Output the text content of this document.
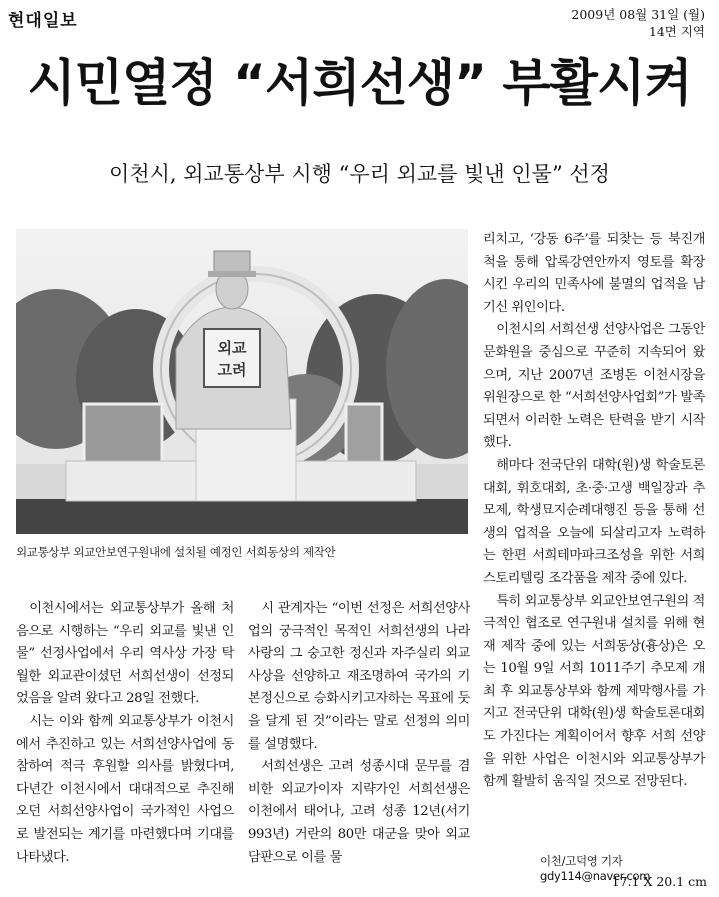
현대일보	2009년 08월 31일 (월)
14면 지역
시민열정 “서희선생” 부활시켜
이천시, 외교통상부 시행 “우리 외교를 빛낸 인물” 선정
외교
고려
외교통상부 외교안보연구원내에 설치될 예정인 서희동상의 제작안

이천시에서는 외교통상부가 올해 처음으로 시행하는 “우리 외교를 빛낸 인물” 선정사업에서 우리 역사상 가장 탁월한 외교관이셨던 서희선생이 선정되었음을 알려 왔다고 28일 전했다.

시는 이와 함께 외교통상부가 이천시에서 추진하고 있는 서희선양사업에 동참하여 적극 후원할 의사를 밝혔다며, 다년간 이천시에서 대대적으로 추진해오던 서희선양사업이 국가적인 사업으로 발전되는 계기를 마련했다며 기대를 나타냈다.

시 관계자는 “이번 선정은 서희선양사업의 궁극적인 목적인 서희선생의 나라사랑의 그 숭고한 정신과 자주실리 외교사상을 선양하고 재조명하여 국가의 기본정신으로 승화시키고자하는 목표에 둣을 달게 된 것”이라는 말로 선정의 의미를 설명했다.

서희선생은 고려 성종시대 문무를 겸비한 외교가이자 지략가인 서희선생은 이천에서 태어나, 고려 성종 12년(서기 993년) 거란의 80만 대군을 맞아 외교담판으로 이를 물

리치고, ‘강동 6주’를 되찾는 등 북진개척을 통해 압록강연안까지 영토를 확장시킨 우리의 민족사에 불멸의 업적을 남기신 위인이다.

이천시의 서희선생 선양사업은 그동안 문화원을 중심으로 꾸준히 지속되어 왔으며, 지난 2007년 조병돈 이천시장을 위원장으로 한 “서희선양사업회”가 발족되면서 이러한 노력은 탄력을 받기 시작했다.

해마다 전국단위 대학(원)생 학술토론대회, 휘호대회, 초·중·고생 백일장과 추모제, 학생묘지순례대행진 등을 통해 선생의 업적을 오늘에 되살리고자 노력하는 한편 서희테마파크조성을 위한 서희스토리텔링 조각품을 제작 중에 있다.

특히 외교통상부 외교안보연구원의 적극적인 협조로 연구원내 설치를 위해 현재 제작 중에 있는 서희동상(흉상)은 오는 10월 9일 서희 1011주기 추모제 개최 후 외교통상부와 함께 제막행사를 가지고 전국단위 대학(원)생 학술토론대회도 가진다는 계획이어서 향후 서희 선양을 위한 사업은 이천시와 외교통상부가 함께 활발히 움직일 것으로 전망된다.

이천/고덕영 기자 gdy114@naver.com
17.1 X 20.1 cm
